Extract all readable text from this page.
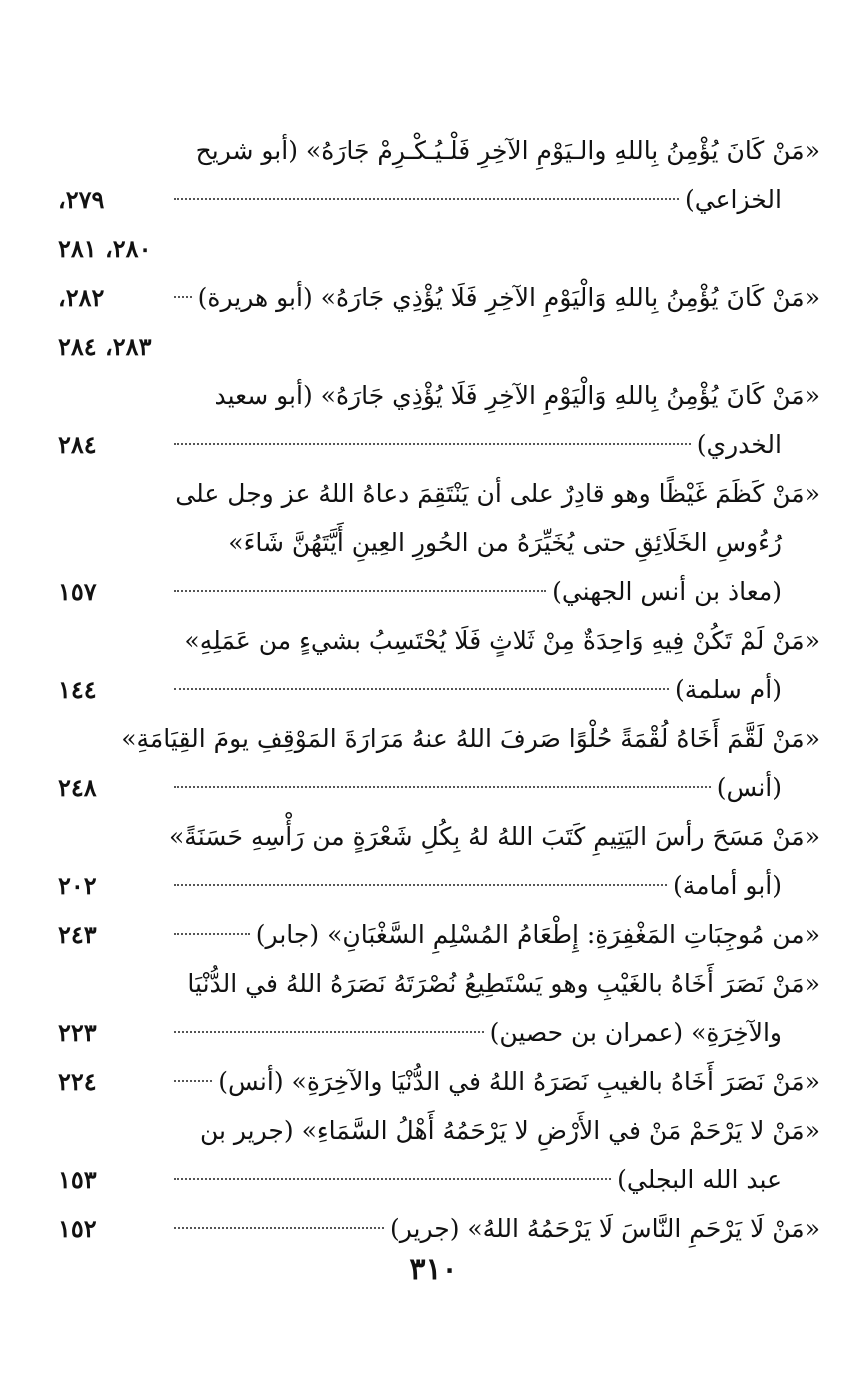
«مَنْ كَانَ يُؤْمِنُ بِاللهِ والـيَوْمِ الآخِرِ فَلْـيُـكْـرِمْ جَارَهُ» (أبو شريح
الخزاعي)
٢٧٩،
٢٨٠، ٢٨١
«مَنْ كَانَ يُؤْمِنُ بِاللهِ وَالْيَوْمِ الآخِرِ فَلَا يُؤْذِي جَارَهُ» (أبو هريرة)
٢٨٢،
٢٨٣، ٢٨٤
«مَنْ كَانَ يُؤْمِنُ بِاللهِ وَالْيَوْمِ الآخِرِ فَلَا يُؤْذِي جَارَهُ» (أبو سعيد
الخدري)
٢٨٤
«مَنْ كَظَمَ غَيْظًا وهو قادِرٌ على أن يَنْتَقِمَ دعاهُ اللهُ عز وجل على
رُءُوسِ الخَلَائِقِ حتى يُخَيِّرَهُ من الحُورِ العِينِ أَيَّتَهُنَّ شَاءَ»
(معاذ بن أنس الجهني)
١٥٧
«مَنْ لَمْ تَكُنْ فِيهِ وَاحِدَةٌ مِنْ ثَلاثٍ فَلَا يُحْتَسِبُ بشيءٍ من عَمَلِهِ»
(أم سلمة)
١٤٤
«مَنْ لَقَّمَ أَخَاهُ لُقْمَةً حُلْوًا صَرفَ اللهُ عنهُ مَرَارَةَ المَوْقِفِ يومَ القِيَامَةِ»
(أنس)
٢٤٨
«مَنْ مَسَحَ رأسَ اليَتِيمِ كَتَبَ اللهُ لهُ بِكُلِ شَعْرَةٍ من رَأْسِهِ حَسَنَةً»
(أبو أمامة)
٢٠٢
«من مُوجِبَاتِ المَغْفِرَةِ: إِطْعَامُ المُسْلِمِ السَّغْبَانِ» (جابر)
٢٤٣
«مَنْ نَصَرَ أَخَاهُ بالغَيْبِ وهو يَسْتَطِيعُ نُصْرَتَهُ نَصَرَهُ اللهُ في الدُّنْيَا
والآخِرَةِ» (عمران بن حصين)
٢٢٣
«مَنْ نَصَرَ أَخَاهُ بالغيبِ نَصَرَهُ اللهُ في الدُّنْيَا والآخِرَةِ» (أنس)
٢٢٤
«مَنْ لا يَرْحَمْ مَنْ في الأَرْضِ لا يَرْحَمُهُ أَهْلُ السَّمَاءِ» (جرير بن
عبد الله البجلي)
١٥٣
«مَنْ لَا يَرْحَمِ النَّاسَ لَا يَرْحَمُهُ اللهُ» (جرير)
١٥٢
٣١٠
